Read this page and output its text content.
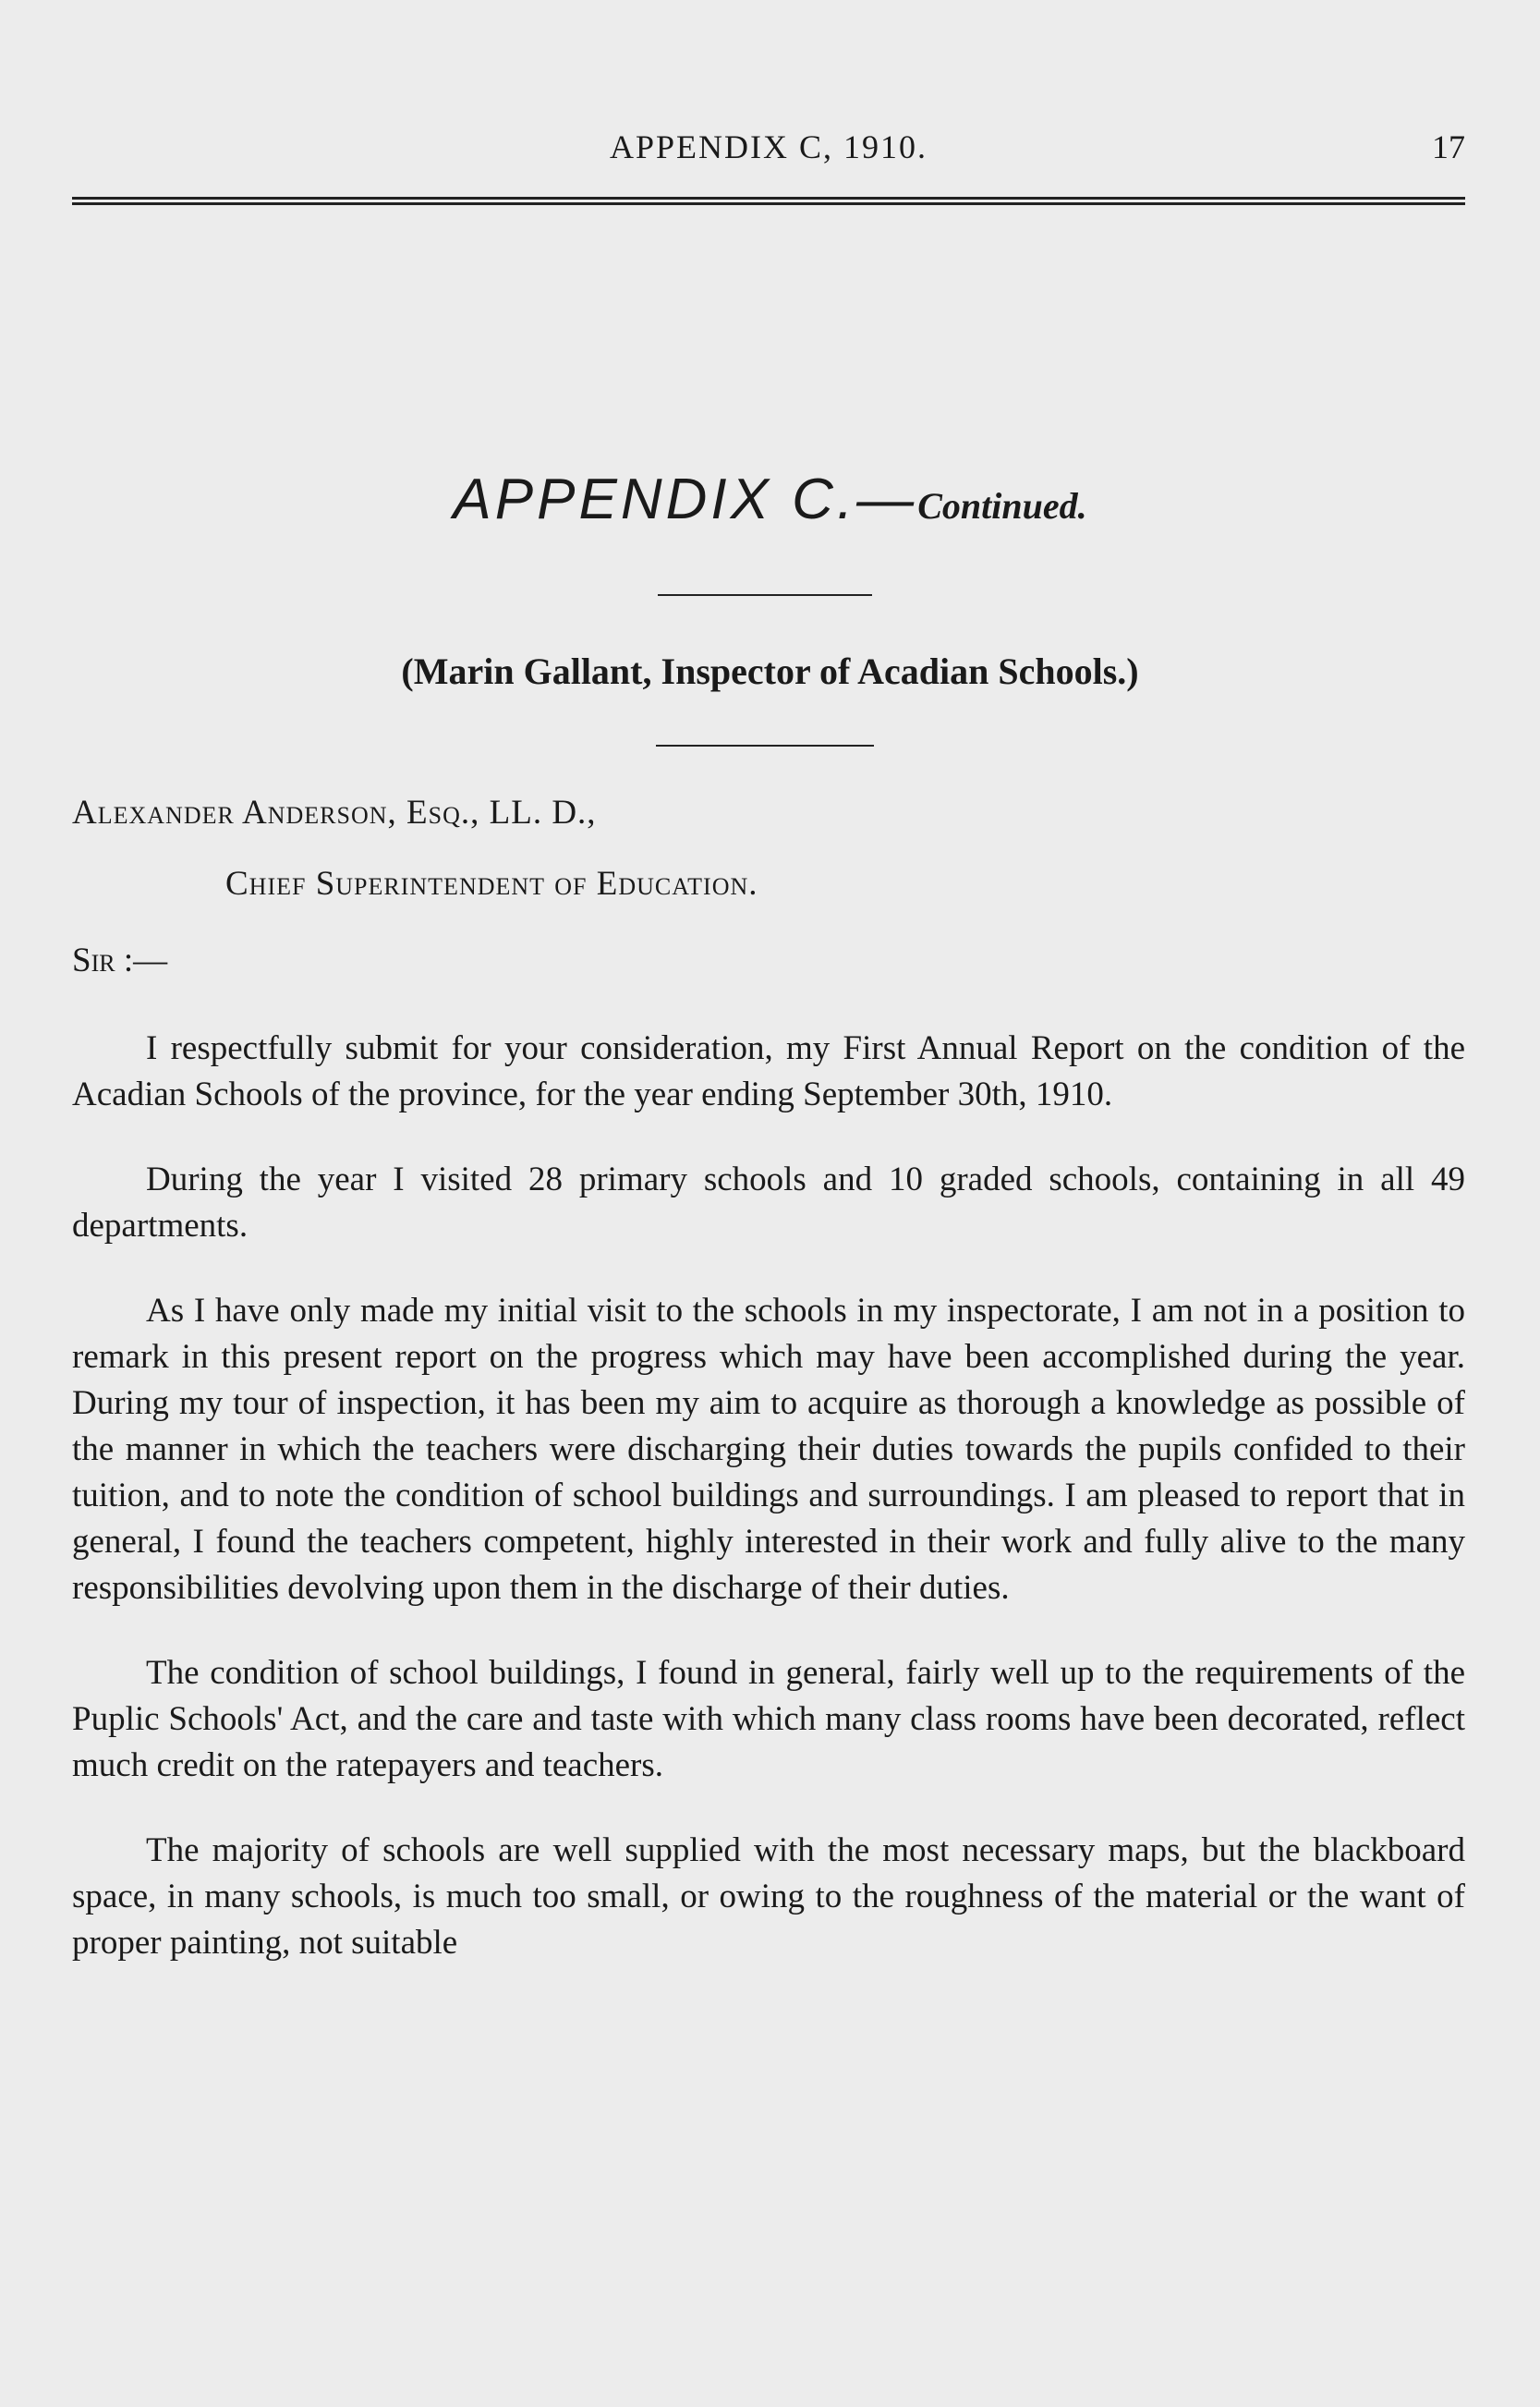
APPENDIX C, 1910.	17
APPENDIX C.—Continued.
(Marin Gallant, Inspector of Acadian Schools.)
Alexander Anderson, Esq., LL. D.,
Chief Superintendent of Education.
Sir :—

I respectfully submit for your consideration, my First Annual Report on the condition of the Acadian Schools of the province, for the year ending September 30th, 1910.

During the year I visited 28 primary schools and 10 graded schools, containing in all 49 departments.

As I have only made my initial visit to the schools in my inspectorate, I am not in a position to remark in this present report on the progress which may have been accomplished during the year. During my tour of inspection, it has been my aim to acquire as thorough a knowledge as possible of the manner in which the teachers were discharging their duties towards the pupils confided to their tuition, and to note the condition of school buildings and surroundings. I am pleased to report that in general, I found the teachers competent, highly interested in their work and fully alive to the many responsibilities devolving upon them in the discharge of their duties.

The condition of school buildings, I found in general, fairly well up to the requirements of the Puplic Schools' Act, and the care and taste with which many class rooms have been decorated, reflect much credit on the ratepayers and teachers.

The majority of schools are well supplied with the most necessary maps, but the blackboard space, in many schools, is much too small, or owing to the roughness of the material or the want of proper painting, not suitable
